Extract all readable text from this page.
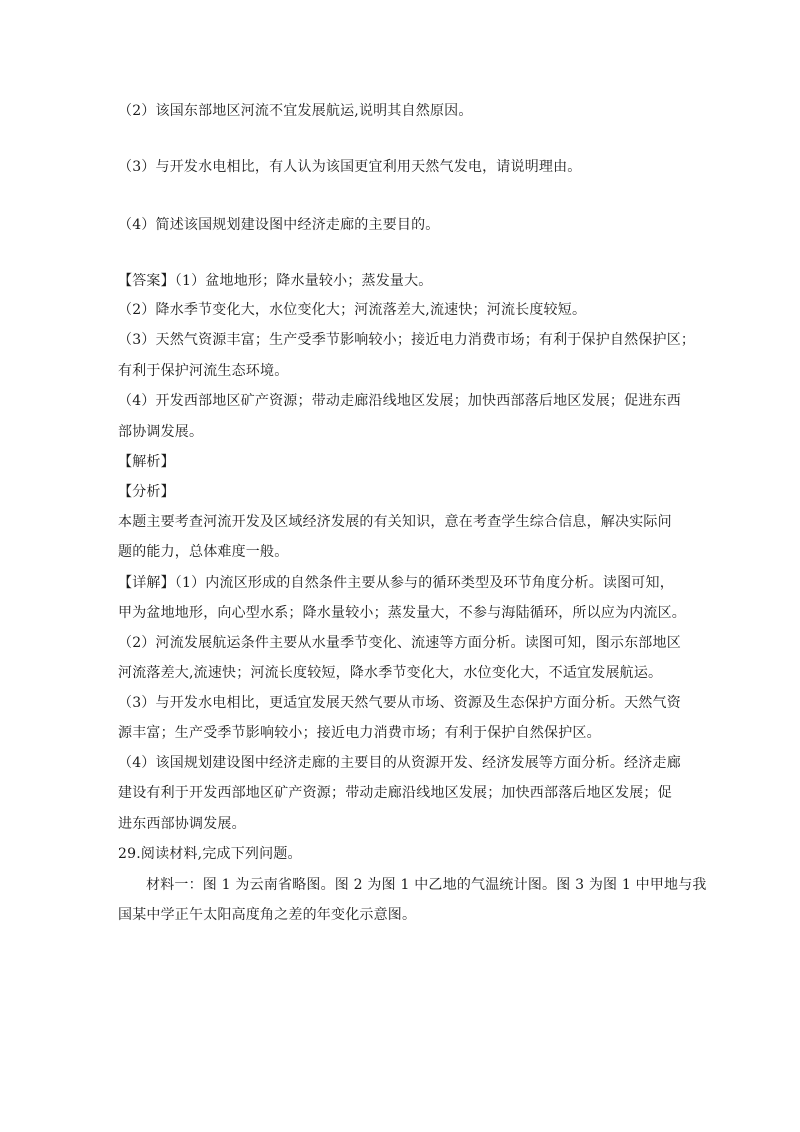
（2）该国东部地区河流不宜发展航运,说明其自然原因。
（3）与开发水电相比，有人认为该国更宜利用天然气发电，请说明理由。
（4）简述该国规划建设图中经济走廊的主要目的。
【答案】（1）盆地地形；降水量较小；蒸发量大。
（2）降水季节变化大，水位变化大；河流落差大,流速快；河流长度较短。
（3）天然气资源丰富；生产受季节影响较小；接近电力消费市场；有利于保护自然保护区；
有利于保护河流生态环境。
（4）开发西部地区矿产资源；带动走廊沿线地区发展；加快西部落后地区发展；促进东西
部协调发展。
【解析】
【分析】
本题主要考查河流开发及区域经济发展的有关知识，意在考查学生综合信息，解决实际问
题的能力，总体难度一般。
【详解】（1）内流区形成的自然条件主要从参与的循环类型及环节角度分析。读图可知，
甲为盆地地形，向心型水系；降水量较小；蒸发量大，不参与海陆循环，所以应为内流区。
（2）河流发展航运条件主要从水量季节变化、流速等方面分析。读图可知，图示东部地区
河流落差大,流速快；河流长度较短，降水季节变化大，水位变化大，不适宜发展航运。
（3）与开发水电相比，更适宜发展天然气要从市场、资源及生态保护方面分析。天然气资
源丰富；生产受季节影响较小；接近电力消费市场；有利于保护自然保护区。
（4）该国规划建设图中经济走廊的主要目的从资源开发、经济发展等方面分析。经济走廊
建设有利于开发西部地区矿产资源；带动走廊沿线地区发展；加快西部落后地区发展；促
进东西部协调发展。
29.阅读材料,完成下列问题。
材料一：图 1 为云南省略图。图 2 为图 1 中乙地的气温统计图。图 3 为图 1 中甲地与我
国某中学正午太阳高度角之差的年变化示意图。
